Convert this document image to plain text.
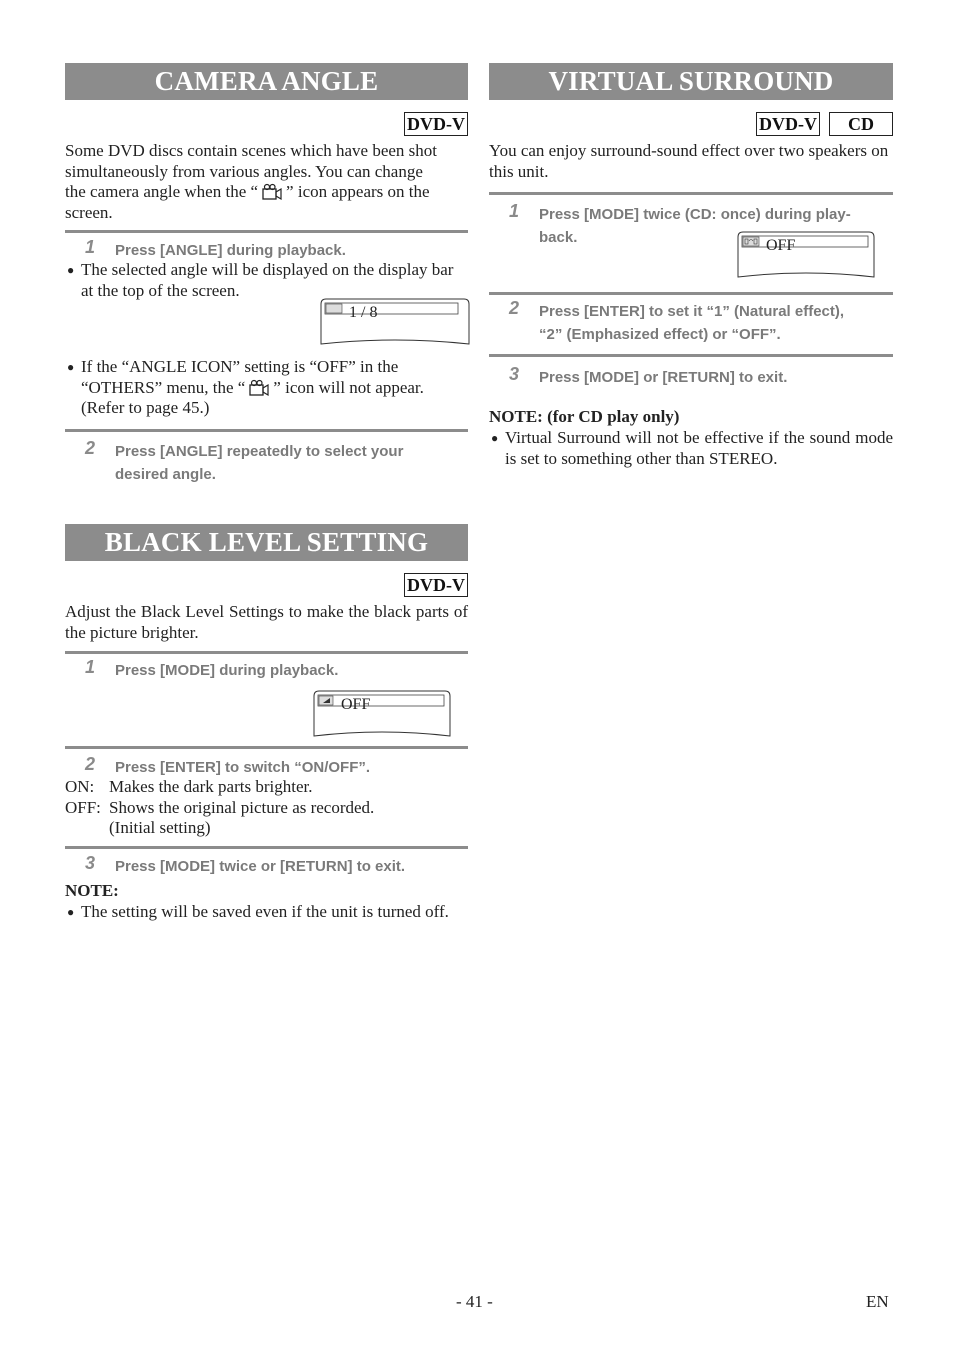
CAMERA ANGLE
DVD-V
Some DVD discs contain scenes which have been shot
simultaneously from various angles. You can change
the camera angle when the “ ” icon appears on the
screen.
1 Press [ANGLE] during playback.
● The selected angle will be displayed on the display bar at the top of the screen.
1 / 8
● If the “ANGLE ICON” setting is “OFF” in the
“OTHERS” menu, the “ ” icon will not appear.
(Refer to page 45.)
2 Press [ANGLE] repeatedly to select your
desired angle.
BLACK LEVEL SETTING
DVD-V
Adjust the Black Level Settings to make the black parts of the picture brighter.
1 Press [MODE] during playback.
OFF
2 Press [ENTER] to switch “ON/OFF”.
ON: Makes the dark parts brighter.
OFF: Shows the original picture as recorded.
(Initial setting)
3 Press [MODE] twice or [RETURN] to exit.
NOTE:
● The setting will be saved even if the unit is turned off.
VIRTUAL SURROUND
DVD-V	CD
You can enjoy surround-sound effect over two speakers on this unit.
1 Press [MODE] twice (CD: once) during play-
back.	OFF
2 Press [ENTER] to set it “1” (Natural effect),
“2” (Emphasized effect) or “OFF”.
3 Press [MODE] or [RETURN] to exit.
NOTE: (for CD play only)
● Virtual Surround will not be effective if the sound mode is set to something other than STEREO.
- 41 -	EN
